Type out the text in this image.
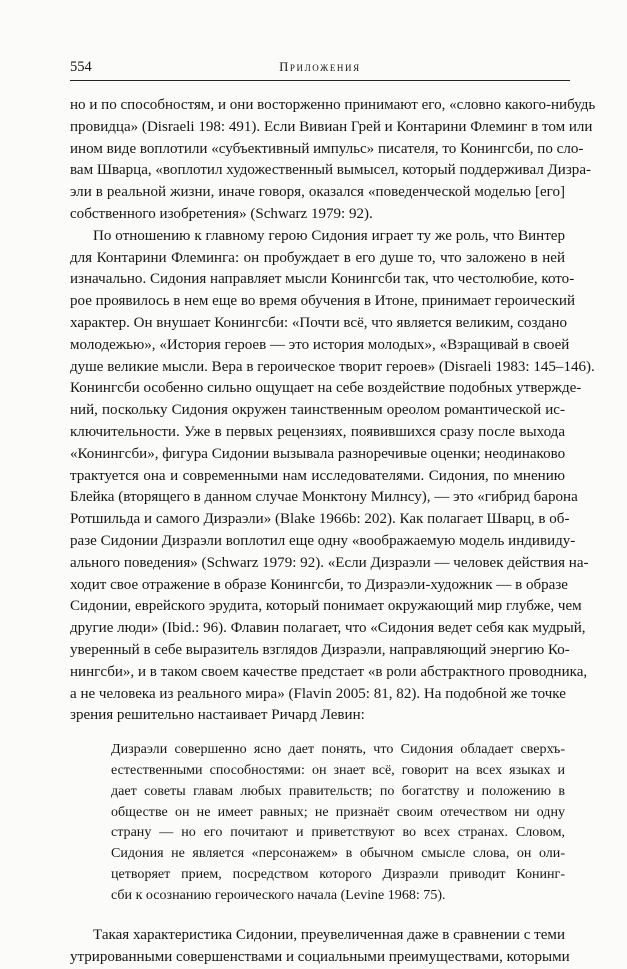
554	Приложения
но и по способностям, и они восторженно принимают его, «словно какого-нибудь
провидца» (Disraeli 198: 491). Если Вивиан Грей и Контарини Флеминг в том или
ином виде воплотили «субъективный импульс» писателя, то Конингсби, по сло-
вам Шварца, «воплотил художественный вымысел, который поддерживал Дизра-
эли в реальной жизни, иначе говоря, оказался «поведенческой моделью [его]
собственного изобретения» (Schwarz 1979: 92).
По отношению к главному герою Сидония играет ту же роль, что Винтер
для Контарини Флеминга: он пробуждает в его душе то, что заложено в ней
изначально. Сидония направляет мысли Конингсби так, что честолюбие, кото-
рое проявилось в нем еще во время обучения в Итоне, принимает героический
характер. Он внушает Конингсби: «Почти всё, что является великим, создано
молодежью», «История героев — это история молодых», «Взращивай в своей
душе великие мысли. Вера в героическое творит героев» (Disraeli 1983: 145–146).
Конингсби особенно сильно ощущает на себе воздействие подобных утвержде-
ний, поскольку Сидония окружен таинственным ореолом романтической ис-
ключительности. Уже в первых рецензиях, появившихся сразу после выхода
«Конингсби», фигура Сидонии вызывала разноречивые оценки; неодинаково
трактуется она и современными нам исследователями. Сидония, по мнению
Блейка (вторящего в данном случае Монктону Милнсу), — это «гибрид барона
Ротшильда и самого Дизраэли» (Blake 1966b: 202). Как полагает Шварц, в об-
разе Сидонии Дизраэли воплотил еще одну «воображаемую модель индивиду-
ального поведения» (Schwarz 1979: 92). «Если Дизраэли — человек действия на-
ходит свое отражение в образе Конингсби, то Дизраэли-художник — в образе
Сидонии, еврейского эрудита, который понимает окружающий мир глубже, чем
другие люди» (Ibid.: 96). Флавин полагает, что «Сидония ведет себя как мудрый,
уверенный в себе выразитель взглядов Дизраэли, направляющий энергию Ко-
нингсби», и в таком своем качестве предстает «в роли абстрактного проводника,
а не человека из реального мира» (Flavin 2005: 81, 82). На подобной же точке
зрения решительно настаивает Ричард Левин:
Дизраэли совершенно ясно дает понять, что Сидония обладает сверхъ-
естественными способностями: он знает всё, говорит на всех языках и
дает советы главам любых правительств; по богатству и положению в
обществе он не имеет равных; не признаёт своим отечеством ни одну
страну — но его почитают и приветствуют во всех странах. Словом,
Сидония не является «персонажем» в обычном смысле слова, он оли-
цетворяет прием, посредством которого Дизраэли приводит Конинг-
сби к осознанию героического начала (Levine 1968: 75).
Такая характеристика Сидонии, преувеличенная даже в сравнении с теми
утрированными совершенствами и социальными преимуществами, которыми
